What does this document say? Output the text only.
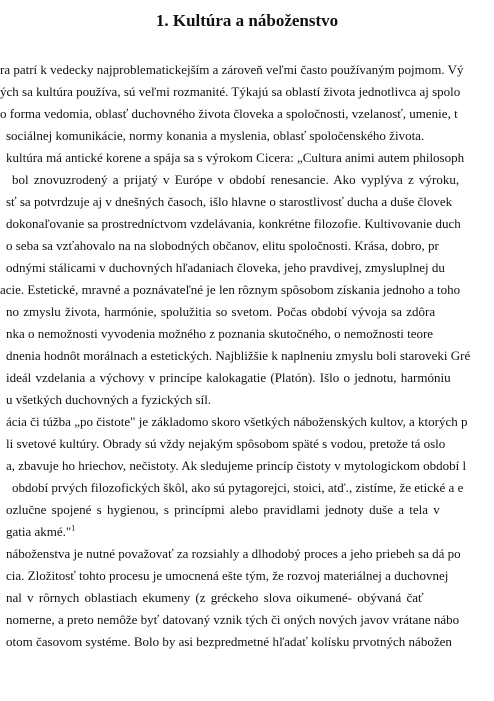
1. Kultúra a náboženstvo
ra patrí k vedecky najproblematickejším a zároveň veľmi často používaným pojmom. Vý
ých sa kultúra používa, sú veľmi rozmanité. Týkajú sa oblastí života jednotlivca aj spolo
o forma vedomia, oblasť duchovného života človeka a spoločnosti, vzelanosť, umenie, t
sociálnej komunikácie, normy konania a myslenia, oblasť spoločenského života.
kultúra má antické korene a spája sa s výrokom Cicera: „Cultura animi autem philosoph
bol znovuzrodený a prijatý v Európe v období renesancie. Ako vyplýva z výroku,
sť sa potvrdzuje aj v dnešných časoch, išlo hlavne o starostlivosť ducha a duše človek
dokonaľovanie sa prostredníctvom vzdelávania, konkrétne filozofie. Kultivovanie duch
o seba sa vzťahovalo na na slobodných občanov, elitu spoločnosti. Krása, dobro, pr
odnými stálicami v duchovných hľadaniach človeka, jeho pravdivej, zmysluplnej du
acie. Estetické, mravné a poznávateľné je len rôznym spôsobom získania jednoho a toho
no zmyslu života, harmónie, spolužitia so svetom. Počas období vývoja sa zdôra
nka o nemožnosti vyvodenia možného z poznania skutočného, o nemožnosti teore
dnenia hodnôt morálnach a estetických. Najbližšie k naplneniu zmyslu boli staroveki Gré
ideál vzdelania a výchovy v princípe kalokagatie (Platón). Išlo o jednotu, harmóniu
u všetkých duchovných a fyzických síl.
ácia či túžba „po čistote" je základomo skoro všetkých náboženských kultov, a ktorých p
li svetové kultúry. Obrady sú vždy nejakým spôsobom späté s vodou, pretože tá oslo
a, zbavuje ho hriechov, nečistoty. Ak sledujeme princíp čistoty v mytologickom období l
období prvých filozofických škôl, ako sú pytagorejci, stoici, atď., zistíme, že etické a e
ozlučne spojené s hygienou, s princípmi alebo pravidlami jednoty duše a tela v
gatia akmé."$^1$
náboženstva je nutné považovať za rozsiahly a dlhodobý proces a jeho priebeh sa dá po
cia. Zložitosť tohto procesu je umocnená ešte tým, že rozvoj materiálnej a duchovnej
nal v rôrnych oblastiach ekumeny (z gréckeho slova oikumené- obývaná čať
nomerne, a preto nemôže byť datovaný vznik tých či oných nových javov vrátane nábo
otom časovom systéme. Bolo by asi bezpredmetné hľadať kolísku prvotných nábožen
